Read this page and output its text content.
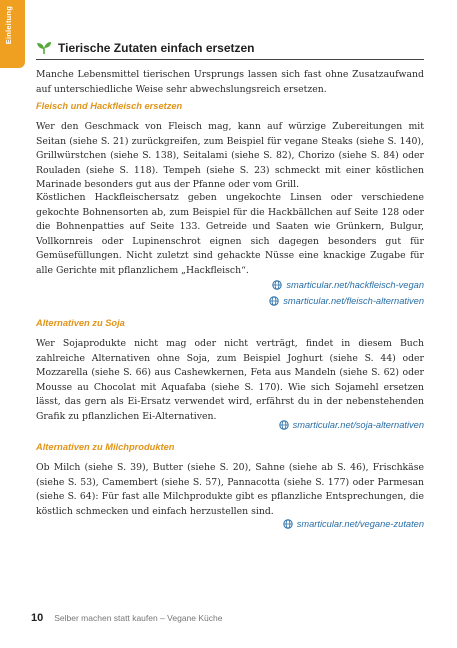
Einleitung
Tierische Zutaten einfach ersetzen

Manche Lebensmittel tierischen Ursprungs lassen sich fast ohne Zusatzaufwand auf unterschiedliche Weise sehr abwechslungsreich ersetzen.

Fleisch und Hackfleisch ersetzen

Wer den Geschmack von Fleisch mag, kann auf würzige Zubereitungen mit Seitan (siehe S. 21) zurückgreifen, zum Beispiel für vegane Steaks (siehe S. 140), Grillwürstchen (siehe S. 138), Seitalami (siehe S. 82), Chorizo (siehe S. 84) oder Rouladen (siehe S. 118). Tempeh (siehe S. 23) schmeckt mit einer köstlichen Marinade besonders gut aus der Pfanne oder vom Grill.

Köstlichen Hackfleischersatz geben ungekochte Linsen oder verschiedene gekochte Bohnensorten ab, zum Beispiel für die Hackbällchen auf Seite 128 oder die Bohnenpatties auf Seite 133. Getreide und Saaten wie Grünkern, Bulgur, Vollkornreis oder Lupinenschrot eignen sich dagegen besonders gut für Gemüsefüllungen. Nicht zuletzt sind gehackte Nüsse eine knackige Zugabe für alle Gerichte mit pflanzlichem „Hackfleisch“.

smarticular.net/hackfleisch-vegan
smarticular.net/fleisch-alternativen

Alternativen zu Soja

Wer Sojaprodukte nicht mag oder nicht verträgt, findet in diesem Buch zahlreiche Alternativen ohne Soja, zum Beispiel Joghurt (siehe S. 44) oder Mozzarella (siehe S. 66) aus Cashewkernen, Feta aus Mandeln (siehe S. 62) oder Mousse au Chocolat mit Aquafaba (siehe S. 170). Wie sich Sojamehl ersetzen lässt, das gern als Ei-Ersatz verwendet wird, erfährst du in der nebenstehenden Grafik zu pflanzlichen Ei-Alternativen.

smarticular.net/soja-alternativen

Alternativen zu Milchprodukten

Ob Milch (siehe S. 39), Butter (siehe S. 20), Sahne (siehe ab S. 46), Frischkäse (siehe S. 53), Camembert (siehe S. 57), Pannacotta (siehe S. 177) oder Parmesan (siehe S. 64): Für fast alle Milchprodukte gibt es pflanzliche Entsprechungen, die köstlich schmecken und einfach herzustellen sind.

smarticular.net/vegane-zutaten
10 Selber machen statt kaufen – Vegane Küche
